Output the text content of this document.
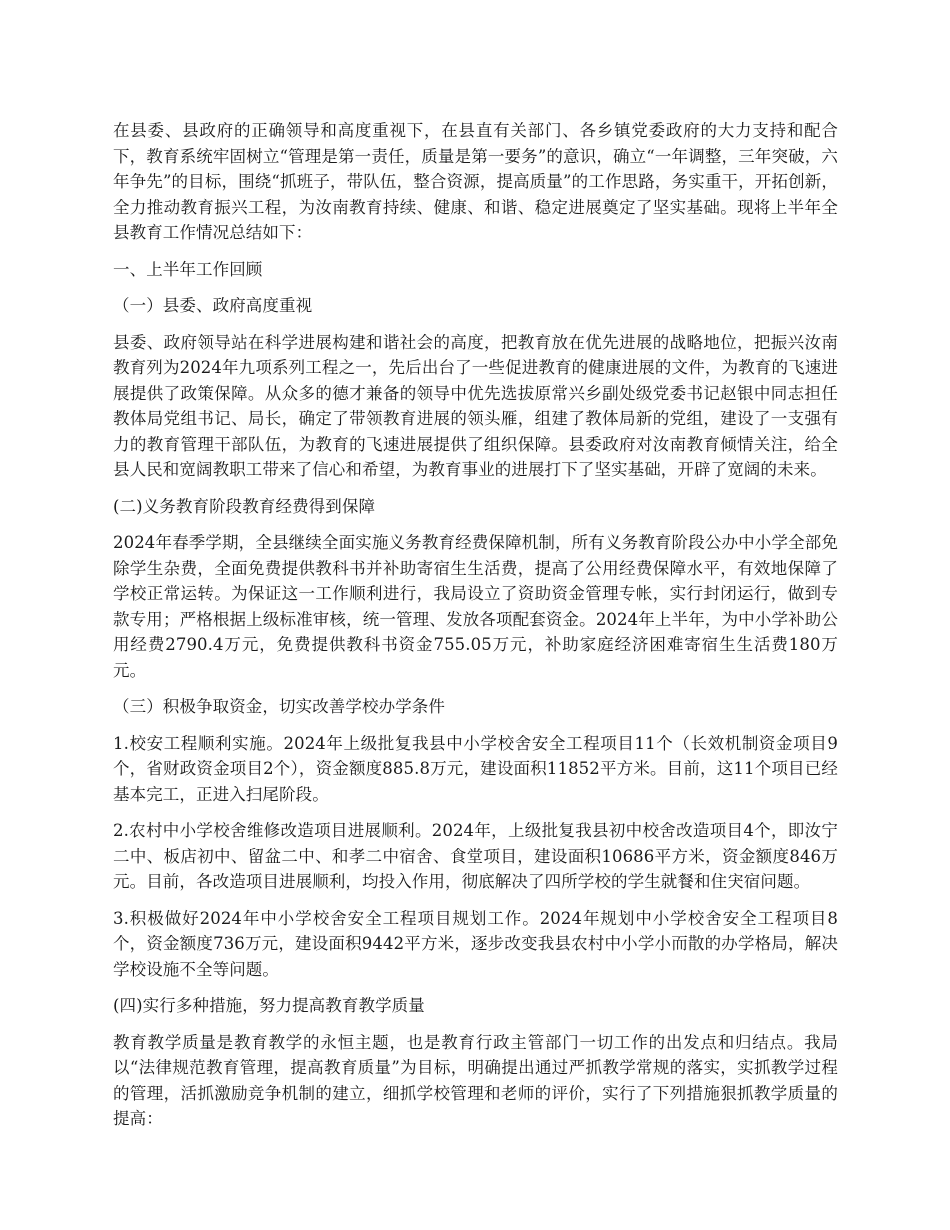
在县委、县政府的正确领导和高度重视下，在县直有关部门、各乡镇党委政府的大力支持和配合下，教育系统牢固树立“管理是第一责任，质量是第一要务”的意识，确立“一年调整，三年突破，六年争先”的目标，围绕“抓班子，带队伍，整合资源，提高质量”的工作思路，务实重干，开拓创新，全力推动教育振兴工程，为汝南教育持续、健康、和谐、稳定进展奠定了坚实基础。现将上半年全县教育工作情况总结如下：

一、上半年工作回顾

（一）县委、政府高度重视

县委、政府领导站在科学进展构建和谐社会的高度，把教育放在优先进展的战略地位，把振兴汝南教育列为2024年九项系列工程之一，先后出台了一些促进教育的健康进展的文件，为教育的飞速进展提供了政策保障。从众多的德才兼备的领导中优先选拔原常兴乡副处级党委书记赵银中同志担任教体局党组书记、局长，确定了带领教育进展的领头雁，组建了教体局新的党组，建设了一支强有力的教育管理干部队伍，为教育的飞速进展提供了组织保障。县委政府对汝南教育倾情关注，给全县人民和宽阔教职工带来了信心和希望，为教育事业的进展打下了坚实基础，开辟了宽阔的未来。

(二)义务教育阶段教育经费得到保障

2024年春季学期，全县继续全面实施义务教育经费保障机制，所有义务教育阶段公办中小学全部免除学生杂费，全面免费提供教科书并补助寄宿生生活费，提高了公用经费保障水平，有效地保障了学校正常运转。为保证这一工作顺利进行，我局设立了资助资金管理专帐，实行封闭运行，做到专款专用；严格根据上级标准审核，统一管理、发放各项配套资金。2024年上半年，为中小学补助公用经费2790.4万元，免费提供教科书资金755.05万元，补助家庭经济困难寄宿生生活费180万元。

（三）积极争取资金，切实改善学校办学条件

1.校安工程顺利实施。2024年上级批复我县中小学校舍安全工程项目11个（长效机制资金项目9个，省财政资金项目2个），资金额度885.8万元，建设面积11852平方米。目前，这11个项目已经基本完工，正进入扫尾阶段。

2.农村中小学校舍维修改造项目进展顺利。2024年，上级批复我县初中校舍改造项目4个，即汝宁二中、板店初中、留盆二中、和孝二中宿舍、食堂项目，建设面积10686平方米，资金额度846万元。目前，各改造项目进展顺利，均投入作用，彻底解决了四所学校的学生就餐和住宊宿问题。

3.积极做好2024年中小学校舍安全工程项目规划工作。2024年规划中小学校舍安全工程项目8个，资金额度736万元，建设面积9442平方米，逐步改变我县农村中小学小而散的办学格局，解决学校设施不全等问题。

(四)实行多种措施，努力提高教育教学质量

教育教学质量是教育教学的永恒主题，也是教育行政主管部门一切工作的出发点和归结点。我局以“法律规范教育管理，提高教育质量”为目标，明确提出通过严抓教学常规的落实，实抓教学过程的管理，活抓激励竞争机制的建立，细抓学校管理和老师的评价，实行了下列措施狠抓教学质量的提高：
